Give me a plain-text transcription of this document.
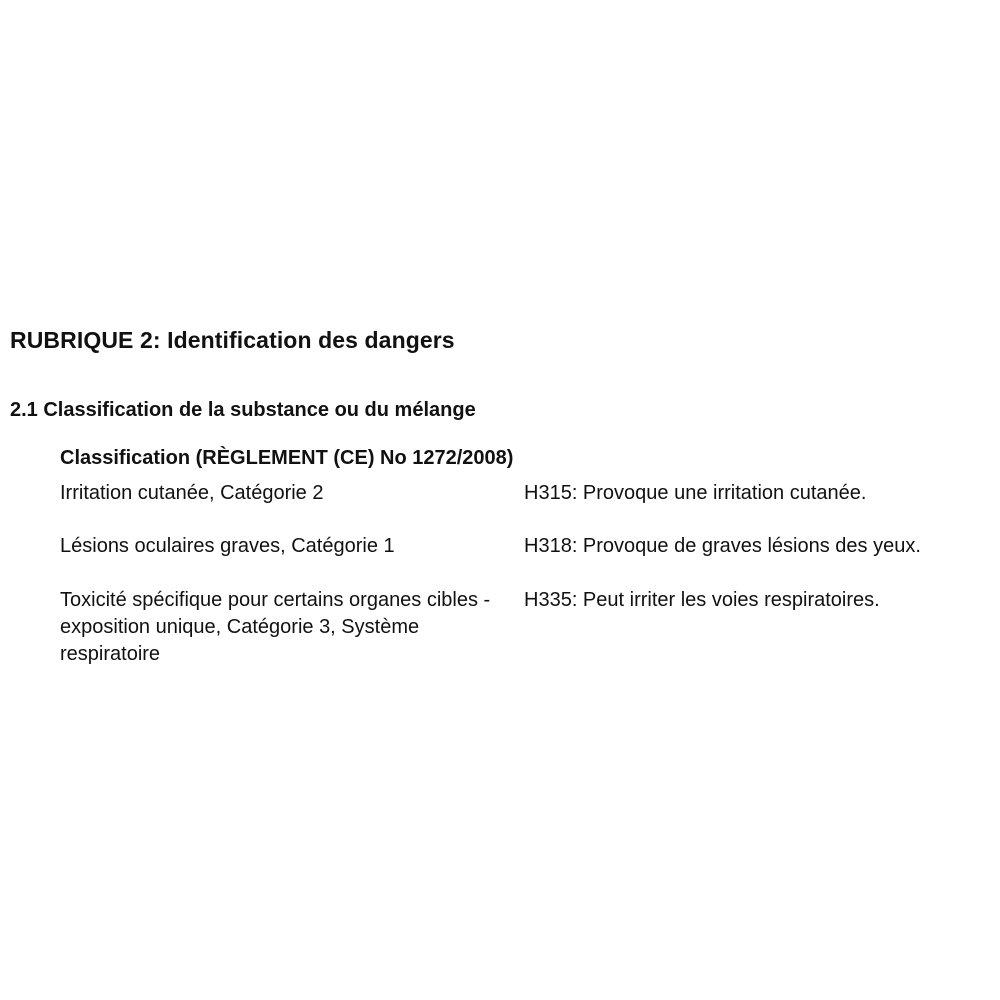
RUBRIQUE 2: Identification des dangers
2.1 Classification de la substance ou du mélange
Classification (RÈGLEMENT (CE) No 1272/2008)
Irritation cutanée, Catégorie 2	H315: Provoque une irritation cutanée.
Lésions oculaires graves, Catégorie 1	H318: Provoque de graves lésions des yeux.
Toxicité spécifique pour certains organes cibles - exposition unique, Catégorie 3, Système respiratoire
H335: Peut irriter les voies respiratoires.
